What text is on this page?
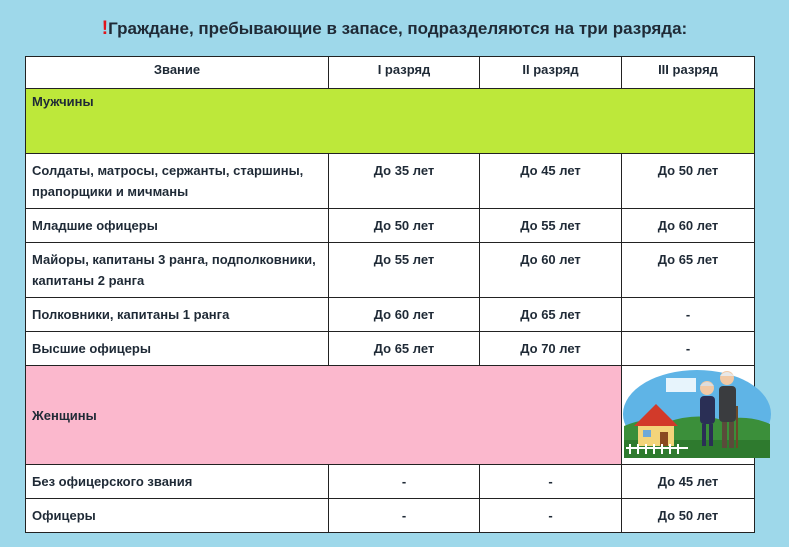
!Граждане, пребывающие в запасе, подразделяются на три разряда:
Звание	I разряд	II разряд	III разряд
Мужчины			
Солдаты, матросы, сержанты, старшины, прапорщики и мичманы	До 35 лет	До 45 лет	До 50 лет
Младшие офицеры	До 50 лет	До 55 лет	До 60 лет
Майоры, капитаны 3 ранга, подполковники, капитаны 2 ранга	До 55 лет	До 60 лет	До 65 лет
Полковники, капитаны 1 ранга	До 60 лет	До 65 лет	-
Высшие офицеры	До 65 лет	До 70 лет	-
Женщины	
Без офицерского звания	-	-	До 45 лет
Офицеры	-	-	До 50 лет
